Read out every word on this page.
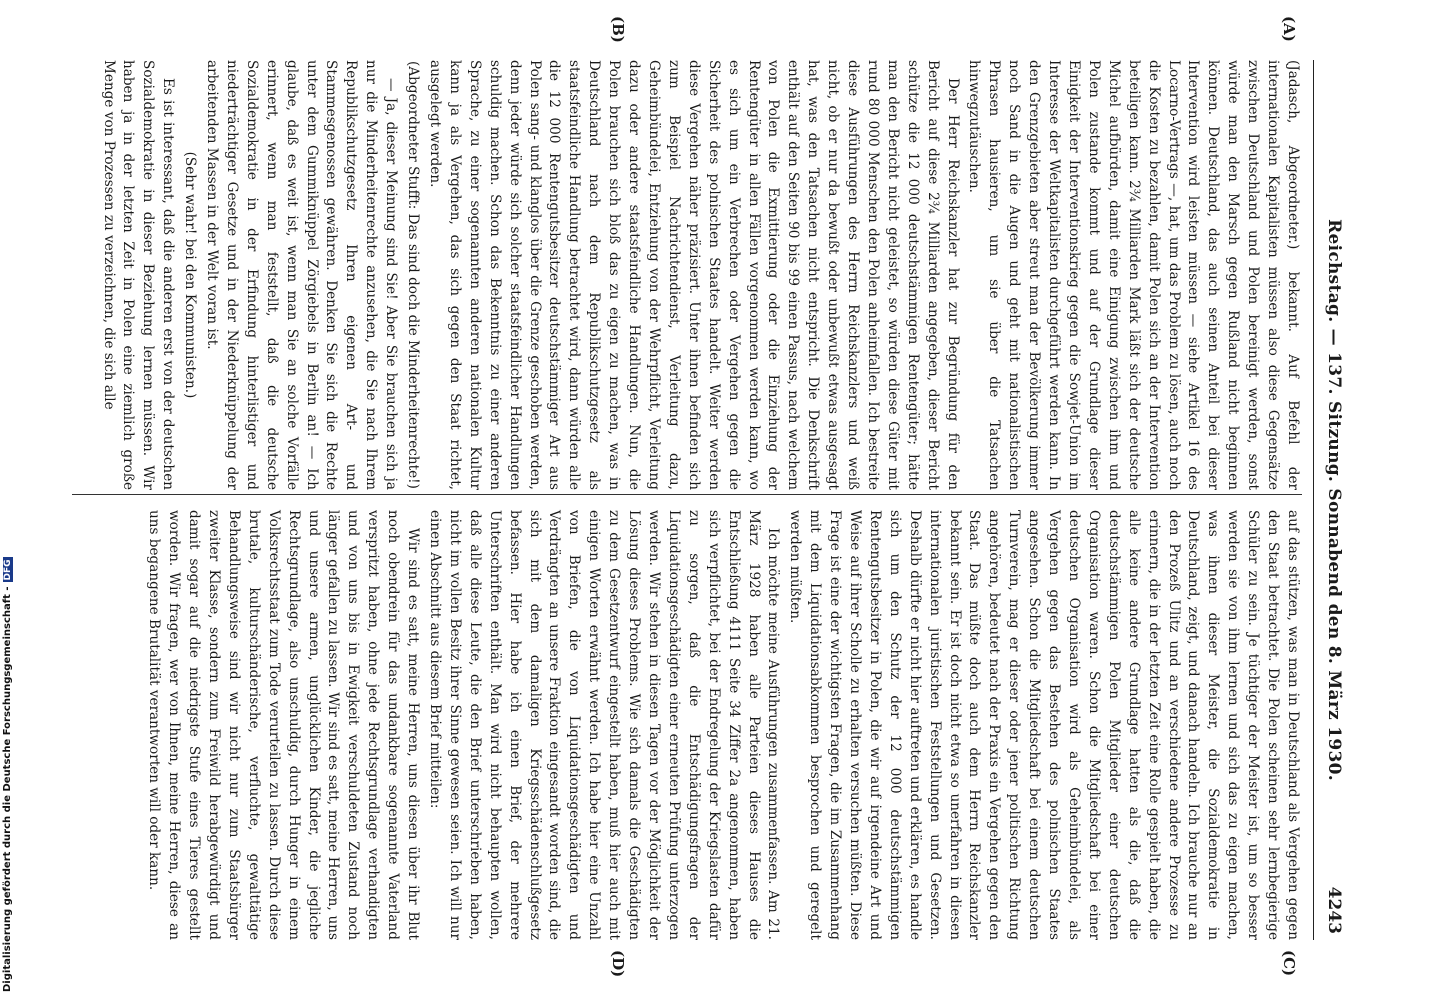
Digitalisierung gefördert durch die Deutsche Forschungsgemeinschaft -DFG	Reichstag. — 137. Sitzung. Sonnabend den 8. März 1930.
4243
(A)
(B)
(C)
(D)

(Jadasch, Abgeordneter.) bekannt. Auf Befehl der internationalen Kapitalisten müssen also diese Gegensätze zwischen Deutschland und Polen bereinigt werden, sonst würde man den Marsch gegen Rußland nicht beginnen können. Deutschland, das auch seinen Anteil bei dieser Intervention wird leisten müssen — siehe Artikel 16 des Locarno-Vertrags —, hat, um das Problem zu lösen, auch noch die Kosten zu bezahlen, damit Polen sich an der Intervention beteiligen kann. 2¾ Milliarden Mark läßt sich der deutsche Michel aufbürden, damit eine Einigung zwischen ihm und Polen zustande kommt und auf der Grundlage dieser Einigkeit der Interventionskrieg gegen die Sowjet-Union im Interesse der Weltkapitalisten durchgeführt werden kann. In den Grenzgebieten aber streut man der Bevölkerung immer noch Sand in die Augen und geht mit nationalistischen Phrasen hausieren, um sie über die Tatsachen hinwegzutäuschen.

Der Herr Reichskanzler hat zur Begründung für den Bericht auf diese 2¾ Milliarden angegeben, dieser Bericht schütze die 12 000 deutschstämmigen Rentengüter; hätte man den Bericht nicht geleistet, so würden diese Güter mit rund 80 000 Menschen den Polen anheimfallen. Ich bestreite diese Ausführungen des Herrn Reichskanzlers und weiß nicht, ob er nur da bewußt oder unbewußt etwas ausgesagt hat, was den Tatsachen nicht entspricht. Die Denkschrift enthält auf den Seiten 90 bis 99 einen Passus, nach welchem von Polen die Exmittierung oder die Einziehung der Rentengüter in allen Fällen vorgenommen werden kann, wo es sich um ein Verbrechen oder Vergehen gegen die Sicherheit des polnischen Staates handelt. Weiter werden diese Vergehen näher präzisiert. Unter ihnen befinden sich zum Beispiel Nachrichtendienst, Verleitung dazu, Geheimbündelei, Entziehung von der Wehrpflicht, Verleitung dazu oder andere staatsfeindliche Handlungen. Nun, die Polen brauchen sich bloß das zu eigen zu machen, was in Deutschland nach dem Republikschutzgesetz als staatsfeindliche Handlung betrachtet wird, dann würden alle die 12 000 Rentengutsbesitzer deutschstämmiger Art aus Polen sang- und klanglos über die Grenze geschoben werden, denn jeder würde sich solcher staatsfeindlicher Handlungen schuldig machen. Schon das Bekenntnis zu einer anderen Sprache, zu einer sogenannten anderen nationalen Kultur kann ja als Vergehen, das sich gegen den Staat richtet, ausgelegt werden.

(Abgeordneter Stufft: Das sind doch die Minderheitenrechte!)

— Ja, dieser Meinung sind Sie! Aber Sie brauchen sich ja nur die Minderheitenrechte anzusehen, die Sie nach Ihrem Republikschutzgesetz Ihren eigenen Art- und Stammesgenossen gewähren. Denken Sie sich die Rechte unter dem Gummiknüppel Zörgiebels in Berlin an! — Ich glaube, daß es weit ist, wenn man Sie an solche Vorfälle erinnert, wenn man feststellt, daß die deutsche Sozialdemokratie in der Erfindung hinterlistiger und niederträchtiger Gesetze und in der Niederknüppelung der arbeitenden Massen in der Welt voran ist.

(Sehr wahr! bei den Kommunisten.)

Es ist interessant, daß die anderen erst von der deutschen Sozialdemokratie in dieser Beziehung lernen müssen. Wir haben ja in der letzten Zeit in Polen eine ziemlich große Menge von Prozessen zu verzeichnen, die sich alle

auf das stützen, was man in Deutschland als Vergehen gegen den Staat betrachtet. Die Polen scheinen sehr lernbegierige Schüler zu sein. Je tüchtiger der Meister ist, um so besser werden sie von ihm lernen und sich das zu eigen machen, was ihnen dieser Meister, die Sozialdemokratie in Deutschland, zeigt, und danach handeln. Ich brauche nur an den Prozeß Ulitz und an verschiedene andere Prozesse zu erinnern, die in der letzten Zeit eine Rolle gespielt haben, die alle keine andere Grundlage hatten als die, daß die deutschstämmigen Polen Mitglieder einer deutschen Organisation waren. Schon die Mitgliedschaft bei einer deutschen Organisation wird als Geheimbündelei, als Vergehen gegen das Bestehen des polnischen Staates angesehen. Schon die Mitgliedschaft bei einem deutschen Turnverein, mag er dieser oder jener politischen Richtung angehören, bedeutet nach der Praxis ein Vergehen gegen den Staat. Das müßte doch auch dem Herrn Reichskanzler bekannt sein. Er ist doch nicht etwa so unerfahren in diesen internationalen juristischen Feststellungen und Gesetzen. Deshalb dürfte er nicht hier auftreten und erklären, es handle sich um den Schutz der 12 000 deutschstämmigen Rentengutsbesitzer in Polen, die wir auf irgendeine Art und Weise auf ihrer Scholle zu erhalten versuchen müßten. Diese Frage ist eine der wichtigsten Fragen, die im Zusammenhang mit dem Liquidationsabkommen besprochen und geregelt werden müßten.

Ich möchte meine Ausführungen zusammenfassen. Am 21. März 1928 haben alle Parteien dieses Hauses die Entschließung 4111 Seite 34 Ziffer 2a angenommen, haben sich verpflichtet, bei der Endregelung der Kriegslasten dafür zu sorgen, daß die Entschädigungsfragen der Liquidationsgeschädigten einer erneuten Prüfung unterzogen werden. Wir stehen in diesen Tagen vor der Möglichkeit der Lösung dieses Problems. Wie sich damals die Geschädigten zu dem Gesetzentwurf eingestellt haben, muß hier auch mit einigen Worten erwähnt werden. Ich habe hier eine Unzahl von Briefen, die von Liquidationsgeschädigten und Verdrängten an unsere Fraktion eingesandt worden sind, die sich mit dem damaligen Kriegsschädenschlußgesetz befassen. Hier habe ich einen Brief, der mehrere Unterschriften enthält. Man wird nicht behaupten wollen, daß alle diese Leute, die den Brief unterschrieben haben, nicht im vollen Besitz ihrer Sinne gewesen seien. Ich will nur einen Abschnitt aus diesem Brief mitteilen:

Wir sind es satt, meine Herren, uns diesen über ihr Blut noch obendrein für das undankbare sogenannte Vaterland verspritzt haben, ohne jede Rechtsgrundlage verhandigten und von uns bis in Ewigkeit verschuldeten Zustand noch länger gefallen zu lassen. Wir sind es satt, meine Herren, uns und unsere armen, unglücklichen Kinder, die jegliche Rechtsgrundlage, also unschuldig, durch Hunger in einem Volksrechtsstaat zum Tode verurteilen zu lassen. Durch diese brutale, kulturschänderische, verfluchte, gewalttätige Behandlungsweise sind wir nicht nur zum Staatsbürger zweiter Klasse, sondern zum Freiwild herabgewürdigt und damit sogar auf die niedrigste Stufe eines Tieres gestellt worden. Wir fragen, wer von Ihnen, meine Herren, diese an uns begangene Brutalität verantworten will oder kann.
